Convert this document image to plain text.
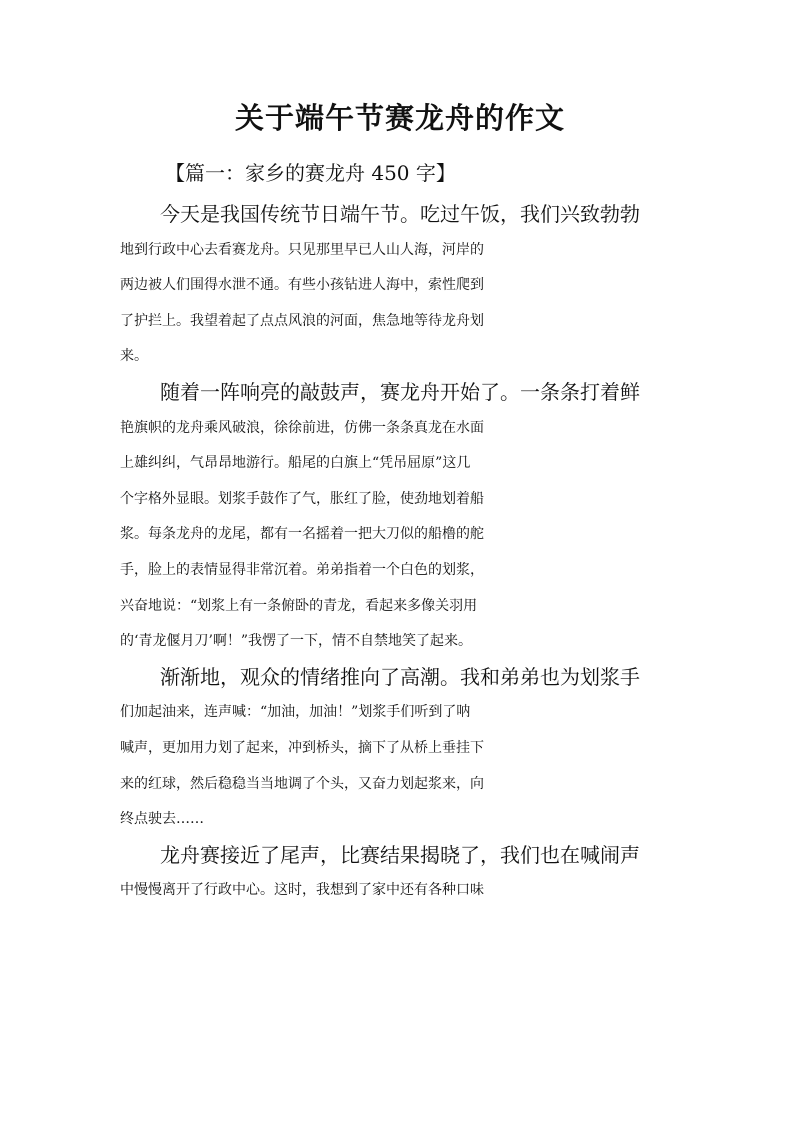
关于端午节赛龙舟的作文
【篇一：家乡的赛龙舟 450 字】

今天是我国传统节日端午节。吃过午饭，我们兴致勃勃
地到行政中心去看赛龙舟。只见那里早已人山人海，河岸的
两边被人们围得水泄不通。有些小孩钻进人海中，索性爬到
了护拦上。我望着起了点点风浪的河面，焦急地等待龙舟划
来。

随着一阵响亮的敲鼓声，赛龙舟开始了。一条条打着鲜
艳旗帜的龙舟乘风破浪，徐徐前进，仿佛一条条真龙在水面
上雄纠纠，气昂昂地游行。船尾的白旗上“凭吊屈原”这几
个字格外显眼。划浆手鼓作了气，胀红了脸，使劲地划着船
浆。每条龙舟的龙尾，都有一名摇着一把大刀似的船橹的舵
手，脸上的表情显得非常沉着。弟弟指着一个白色的划浆，
兴奋地说：“划浆上有一条俯卧的青龙，看起来多像关羽用
的‘青龙偃月刀’啊！”我愣了一下，情不自禁地笑了起来。

渐渐地，观众的情绪推向了高潮。我和弟弟也为划浆手
们加起油来，连声喊：“加油，加油！”划浆手们听到了呐
喊声，更加用力划了起来，冲到桥头，摘下了从桥上垂挂下
来的红球，然后稳稳当当地调了个头，又奋力划起浆来，向
终点驶去……

龙舟赛接近了尾声，比赛结果揭晓了，我们也在喊闹声
中慢慢离开了行政中心。这时，我想到了家中还有各种口味
